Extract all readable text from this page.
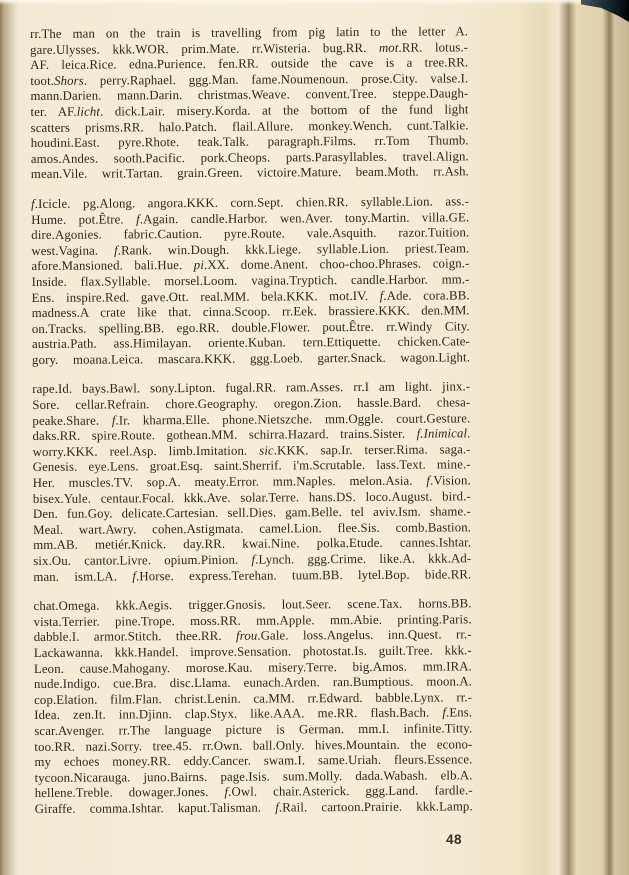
rr.The man on the train is travelling from pig latin to the letter A.
gare.Ulysses. kkk.WOR. prim.Mate. rr.Wisteria. bug.RR. mot.RR. lotus.-
AF. leica.Rice. edna.Purience. fen.RR. outside the cave is a tree.RR.
toot.Shors. perry.Raphael. ggg.Man. fame.Noumenoun. prose.City. valse.I.
mann.Darien. mann.Darin. christmas.Weave. convent.Tree. steppe.Daugh-
ter. AF.licht. dick.Lair. misery.Korda. at the bottom of the fund light
scatters prisms.RR. halo.Patch. flail.Allure. monkey.Wench. cunt.Talkie.
houdini.East. pyre.Rhote. teak.Talk. paragraph.Films. rr.Tom Thumb.
amos.Andes. sooth.Pacific. pork.Cheops. parts.Parasyllables. travel.Align.
mean.Vile. writ.Tartan. grain.Green. victoire.Mature. beam.Moth. rr.Ash.
f.Icicle. pg.Along. angora.KKK. corn.Sept. chien.RR. syllable.Lion. ass.-
Hume. pot.Être. f.Again. candle.Harbor. wen.Aver. tony.Martin. villa.GE.
dire.Agonies. fabric.Caution. pyre.Route. vale.Asquith. razor.Tuition.
west.Vagina. f.Rank. win.Dough. kkk.Liege. syllable.Lion. priest.Team.
afore.Mansioned. bali.Hue. pi.XX. dome.Anent. choo-choo.Phrases. coign.-
Inside. flax.Syllable. morsel.Loom. vagina.Tryptich. candle.Harbor. mm.-
Ens. inspire.Red. gave.Ott. real.MM. bela.KKK. mot.IV. f.Ade. cora.BB.
madness.A crate like that. cinna.Scoop. rr.Eek. brassiere.KKK. den.MM.
on.Tracks. spelling.BB. ego.RR. double.Flower. pout.Être. rr.Windy City.
austria.Path. ass.Himilayan. oriente.Kuban. tern.Ettiquette. chicken.Cate-
gory. moana.Leica. mascara.KKK. ggg.Loeb. garter.Snack. wagon.Light.
rape.Id. bays.Bawl. sony.Lipton. fugal.RR. ram.Asses. rr.I am light. jinx.-
Sore. cellar.Refrain. chore.Geography. oregon.Zion. hassle.Bard. chesa-
peake.Share. f.Ir. kharma.Elle. phone.Nietszche. mm.Oggle. court.Gesture.
daks.RR. spire.Route. gothean.MM. schirra.Hazard. trains.Sister. f.Inimical.
worry.KKK. reel.Asp. limb.Imitation. sic.KKK. sap.Ir. terser.Rima. saga.-
Genesis. eye.Lens. groat.Esq. saint.Sherrif. i'm.Scrutable. lass.Text. mine.-
Her. muscles.TV. sop.A. meaty.Error. mm.Naples. melon.Asia. f.Vision.
bisex.Yule. centaur.Focal. kkk.Ave. solar.Terre. hans.DS. loco.August. bird.-
Den. fun.Goy. delicate.Cartesian. sell.Dies. gam.Belle. tel aviv.Ism. shame.-
Meal. wart.Awry. cohen.Astigmata. camel.Lion. flee.Sis. comb.Bastion.
mm.AB. metiér.Knick. day.RR. kwai.Nine. polka.Etude. cannes.Ishtar.
six.Ou. cantor.Livre. opium.Pinion. f.Lynch. ggg.Crime. like.A. kkk.Ad-
man. ism.LA. f.Horse. express.Terehan. tuum.BB. lytel.Bop. bide.RR.
chat.Omega. kkk.Aegis. trigger.Gnosis. lout.Seer. scene.Tax. horns.BB.
vista.Terrier. pine.Trope. moss.RR. mm.Apple. mm.Abie. printing.Paris.
dabble.I. armor.Stitch. thee.RR. frou.Gale. loss.Angelus. inn.Quest. rr.-
Lackawanna. kkk.Handel. improve.Sensation. photostat.Is. guilt.Tree. kkk.-
Leon. cause.Mahogany. morose.Kau. misery.Terre. big.Amos. mm.IRA.
nude.Indigo. cue.Bra. disc.Llama. eunach.Arden. ran.Bumptious. moon.A.
cop.Elation. film.Flan. christ.Lenin. ca.MM. rr.Edward. babble.Lynx. rr.-
Idea. zen.It. inn.Djinn. clap.Styx. like.AAA. me.RR. flash.Bach. f.Ens.
scar.Avenger. rr.The language picture is German. mm.I. infinite.Titty.
too.RR. nazi.Sorry. tree.45. rr.Own. ball.Only. hives.Mountain. the econo-
my echoes money.RR. eddy.Cancer. swam.I. same.Uriah. fleurs.Essence.
tycoon.Nicarauga. juno.Bairns. page.Isis. sum.Molly. dada.Wabash. elb.A.
hellene.Treble. dowager.Jones. f.Owl. chair.Asterick. ggg.Land. fardle.-
Giraffe. comma.Ishtar. kaput.Talisman. f.Rail. cartoon.Prairie. kkk.Lamp.
48
